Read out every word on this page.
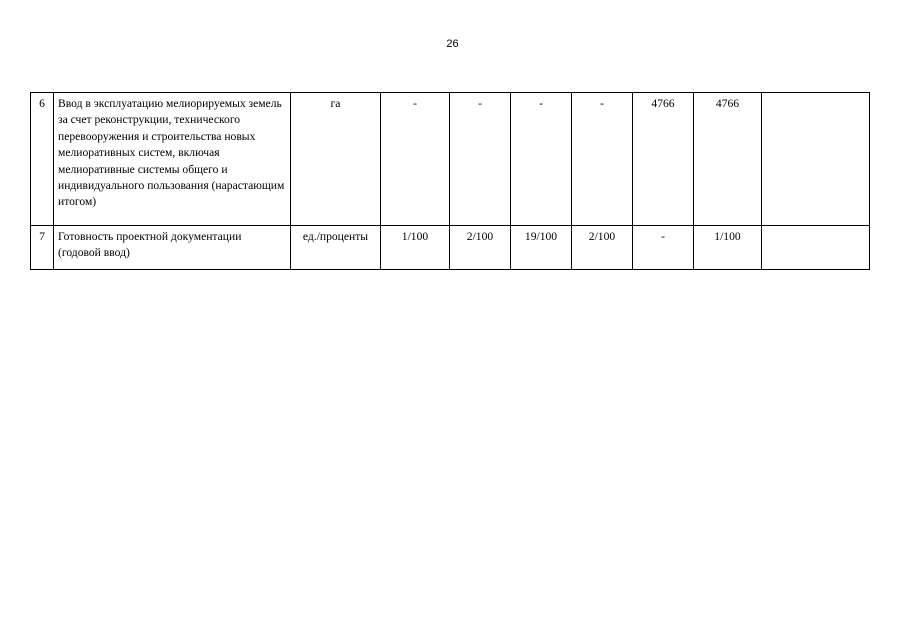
26
6	Ввод в эксплуатацию мелиорируемых земель за счет реконструкции, технического перевооружения и строительства новых мелиоративных систем, включая мелиоративные системы общего и индивидуального пользования (нарастающим итогом)	га	-	-	-	-	4766	4766	
7	Готовность проектной документации (годовой ввод)	ед./проценты	1/100	2/100	19/100	2/100	-	1/100	
